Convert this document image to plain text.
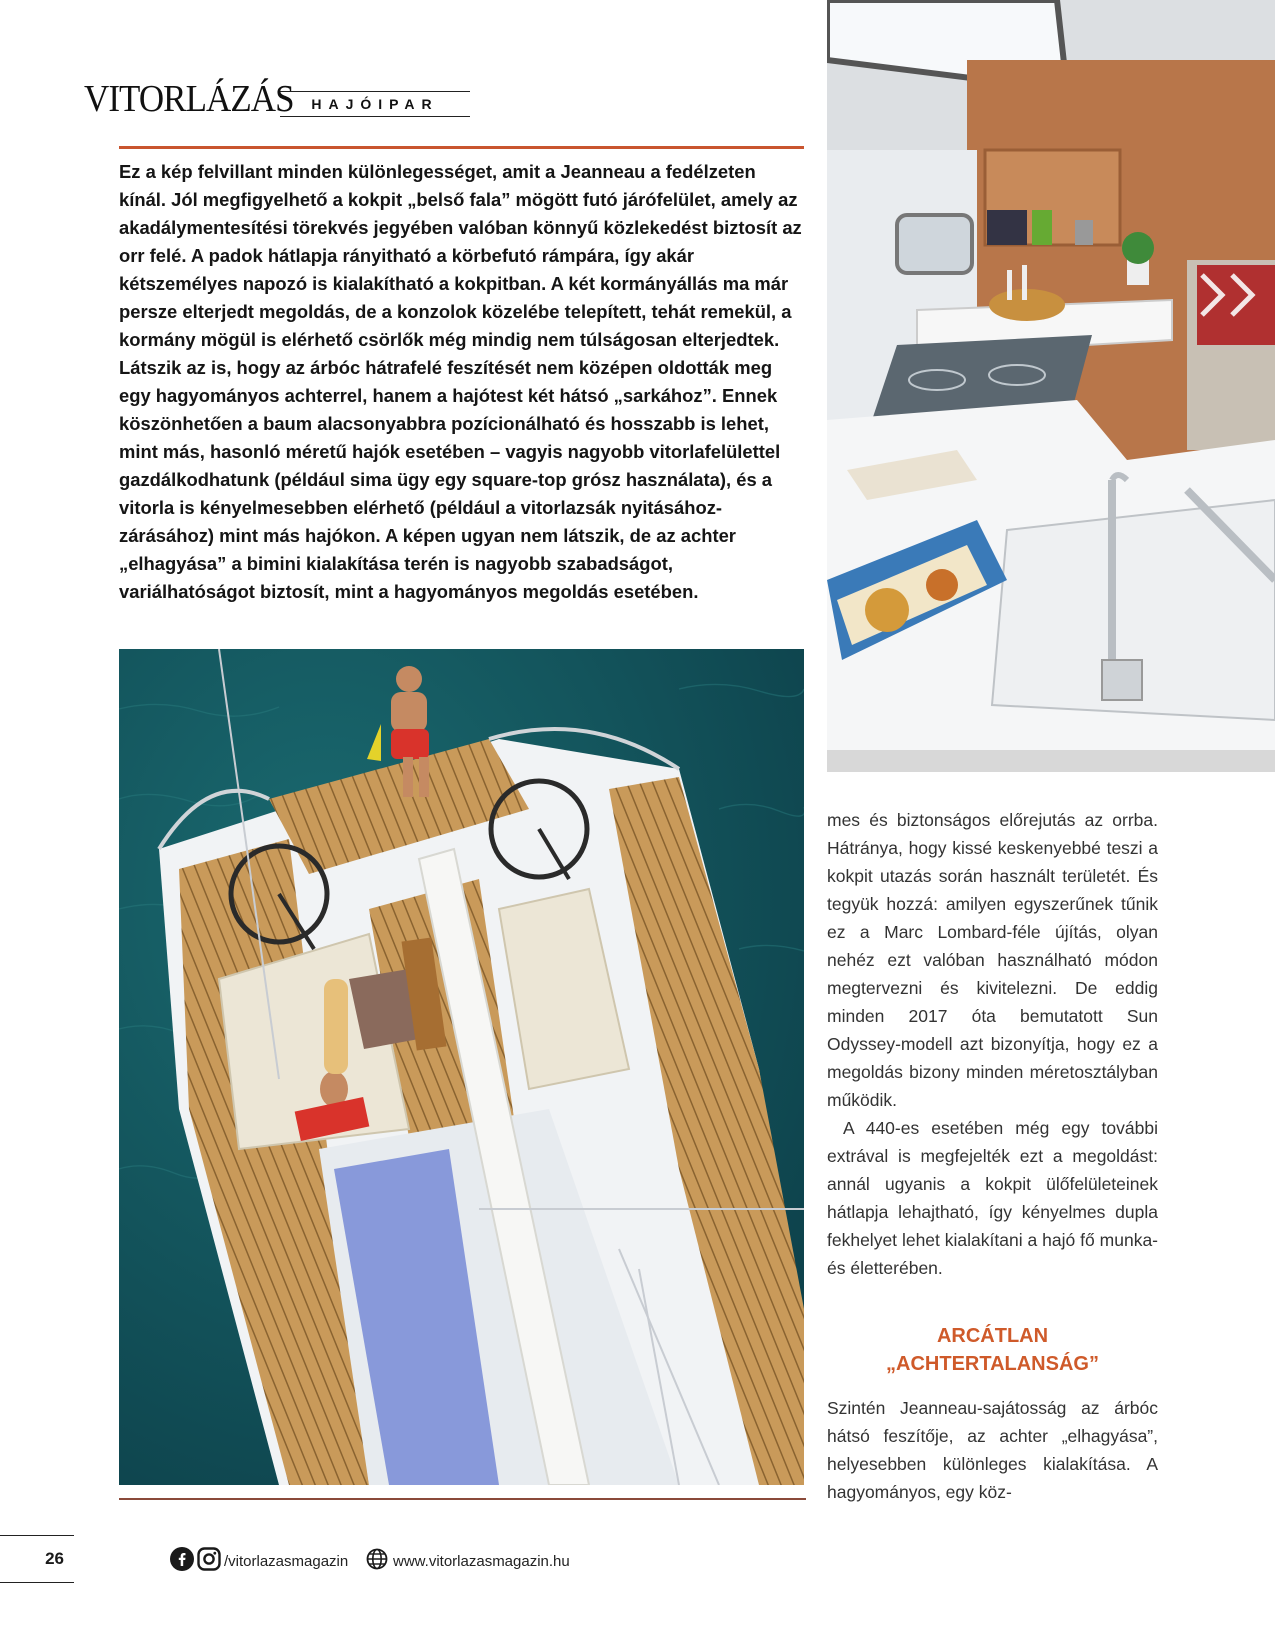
VITORLÁZÁS	HAJÓIPAR

Ez a kép felvillant minden különlegességet, amit a Jeanneau a fedélzeten kínál. Jól megfigyelhető a kokpit „belső fala” mögött futó járófelület, amely az akadálymentesítési törekvés jegyében valóban könnyű közlekedést biztosít az orr felé. A padok hátlapja rányitható a körbefutó rámpára, így akár kétszemélyes napozó is kialakítható a kokpitban. A két kormányállás ma már persze elterjedt megoldás, de a konzolok közelébe telepített, tehát remekül, a kormány mögül is elérhető csörlők még mindig nem túlságosan elterjedtek. Látszik az is, hogy az árbóc hátrafelé feszítését nem középen oldották meg egy hagyományos achterrel, hanem a hajótest két hátsó „sarkához”. Ennek köszönhetően a baum alacsonyabbra pozícionálható és hosszabb is lehet, mint más, hasonló méretű hajók esetében – vagyis nagyobb vitorlafelülettel gazdálkodhatunk (például sima ügy egy square-top grósz használata), és a vitorla is kényelmesebben elérhető (például a vitorlazsák nyitásához-zárásához) mint más hajókon. A képen ugyan nem látszik, de az achter „elhagyása” a bimini kialakítása terén is nagyobb szabadságot, variálhatóságot biztosít, mint a hagyományos megoldás esetében.

mes és biztonságos előrejutás az orrba. Hátránya, hogy kissé keskenyebbé teszi a kokpit utazás során használt területét. És tegyük hozzá: amilyen egyszerűnek tűnik ez a Marc Lombard-féle újítás, olyan nehéz ezt valóban használható módon megtervezni és kivitelezni. De eddig minden 2017 óta bemutatott Sun Odyssey-modell azt bizonyítja, hogy ez a megoldás bizony minden méretosztályban működik.

A 440-es esetében még egy további extrával is megfejelték ezt a megoldást: annál ugyanis a kokpit ülőfelületeinek hátlapja lehajtható, így kényelmes dupla fekhelyet lehet kialakítani a hajó fő munka- és életterében.

ARCÁTLAN
„ACHTERTALANSÁG”

Szintén Jeanneau-sajátosság az árbóc hátsó feszítője, az achter „elhagyása”, helyesebben különleges kialakítása. A hagyományos, egy köz-

26	/vitorlazasmagazin	www.vitorlazasmagazin.hu
